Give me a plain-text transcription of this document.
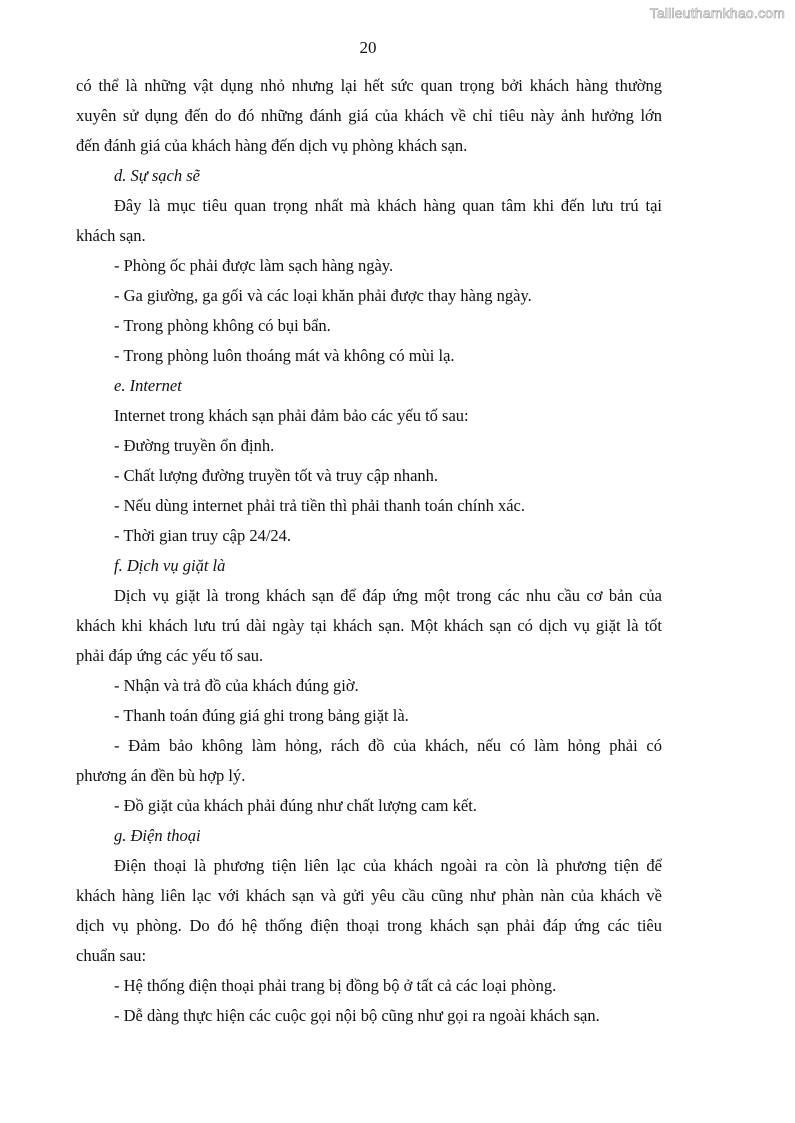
Tailieuthamkhao.com
20

có thể là những vật dụng nhỏ nhưng lại hết sức quan trọng bởi khách hàng thường

xuyên sử dụng đến do đó những đánh giá của khách về chỉ tiêu này ảnh hưởng lớn

đến đánh giá của khách hàng đến dịch vụ phòng khách sạn.

d. Sự sạch sẽ

Đây là mục tiêu quan trọng nhất mà khách hàng quan tâm khi đến lưu trú tại

khách sạn.

- Phòng ốc phải được làm sạch hàng ngày.

- Ga giường, ga gối và các loại khăn phải được thay hàng ngày.

- Trong phòng không có bụi bẩn.

- Trong phòng luôn thoáng mát và không có mùi lạ.

e. Internet

Internet trong khách sạn phải đảm bảo các yếu tố sau:

- Đường truyền ổn định.

- Chất lượng đường truyền tốt và truy cập nhanh.

- Nếu dùng internet phải trả tiền thì phải thanh toán chính xác.

- Thời gian truy cập 24/24.

f. Dịch vụ giặt là

Dịch vụ giặt là trong khách sạn để đáp ứng một trong các nhu cầu cơ bản của

khách khi khách lưu trú dài ngày tại khách sạn. Một khách sạn có dịch vụ giặt là tốt

phải đáp ứng các yếu tố sau.

- Nhận và trả đồ của khách đúng giờ.

- Thanh toán đúng giá ghi trong bảng giặt là.

- Đảm bảo không làm hỏng, rách đồ của khách, nếu có làm hỏng phải có

phương án đền bù hợp lý.

- Đồ giặt của khách phải đúng như chất lượng cam kết.

g. Điện thoại

Điện thoại là phương tiện liên lạc của khách ngoài ra còn là phương tiện để

khách hàng liên lạc với khách sạn và gửi yêu cầu cũng như phàn nàn của khách về

dịch vụ phòng. Do đó hệ thống điện thoại trong khách sạn phải đáp ứng các tiêu

chuẩn sau:

- Hệ thống điện thoại phải trang bị đồng bộ ở tất cả các loại phòng.

- Dễ dàng thực hiện các cuộc gọi nội bộ cũng như gọi ra ngoài khách sạn.
